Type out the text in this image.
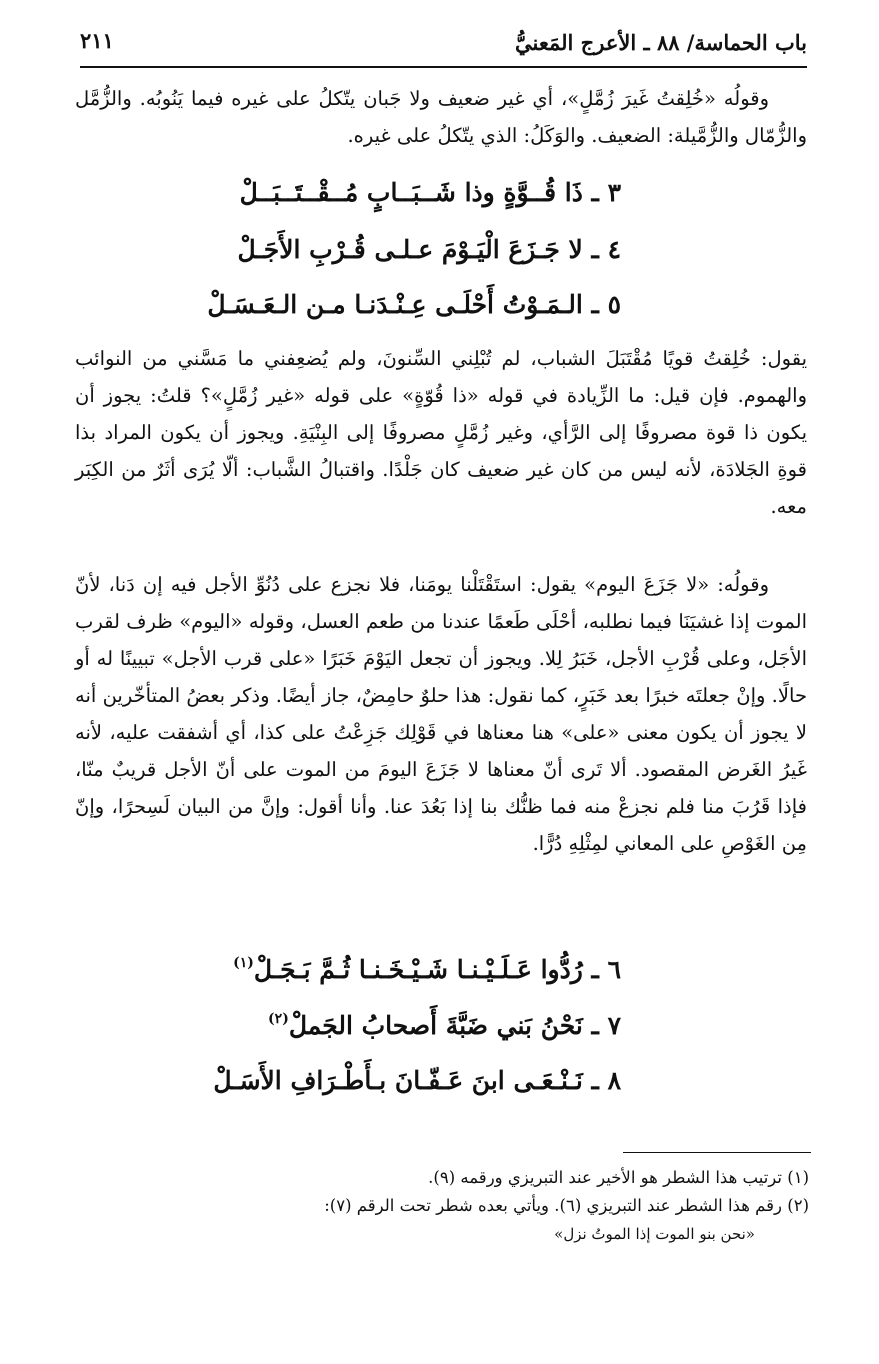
باب الحماسة/ ٨٨ ـ الأعرج المَعنيُّ
٢١١

وقولُه «خُلِقتُ غَيرَ زُمَّلٍ»، أي غير ضعيف ولا جَبان يتّكلُ على غيره فيما يَنُوبُه. والزُّمَّل والزُّمّال والزُّمَّيلة: الضعيف. والوَكَلُ: الذي يتّكلُ على غيره.

٣ ـ ذَا قُــوَّةٍ وذا شَــبَــابٍ مُــقْــتَــبَــلْ
٤ ـ لا جَـزَعَ الْيَـوْمَ عـلـى قُـرْبِ الأَجَـلْ
٥ ـ الـمَـوْتُ أَحْلَـى عِـنْـدَنـا مـن الـعَـسَـلْ

يقول: خُلِقتُ قويًا مُقْتَبَلَ الشباب، لم تُبْلِني السِّنونَ، ولم يُضعِفني ما مَسَّني من النوائب والهموم. فإن قيل: ما الزِّيادة في قوله «ذا قُوّةٍ» على قوله «غير زُمَّلٍ»؟ قلتُ: يجوز أن يكون ذا قوة مصروفًا إلى الرَّأي، وغير زُمَّلٍ مصروفًا إلى البِنْيَةِ. ويجوز أن يكون المراد بذا قوةِ الجَلادَة، لأنه ليس من كان غير ضعيف كان جَلْدًا. واقتبالُ الشَّباب: ألّا يُرَى أثَرٌ من الكِبَر معه.

وقولُه: «لا جَزَعَ اليوم» يقول: استَقْتَلْنا يومَنا، فلا نجزع على دُنُوِّ الأجل فيه إن دَنا، لأنّ الموت إذا غشيَنَا فيما نطلبه، أحْلَى طَعمًا عندنا من طعم العسل، وقوله «اليوم» ظرف لقرب الأجَل، وعلى قُرْبِ الأجل، خَبَرُ لِلا. ويجوز أن تجعل اليَوْمَ خَبَرًا «على قرب الأجل» تبيينًا له أو حالًا. وإنْ جعلتَه خبرًا بعد خَبَرٍ، كما نقول: هذا حلوٌ حامِضٌ، جاز أيضًا. وذكر بعضُ المتأخّرين أنه لا يجوز أن يكون معنى «على» هنا معناها في قَوْلِك جَزِعْتُ على كذا، أي أشفقت عليه، لأنه غَيرُ الغَرض المقصود. ألا تَرى أنّ معناها لا جَزَعَ اليومَ من الموت على أنّ الأجل قريبٌ منّا، فإذا قَرُبَ منا فلم نجزعْ منه فما ظنُّك بنا إذا بَعُدَ عنا. وأنا أقول: وإنَّ من البيان لَسِحرًا، وإنّ مِن الغَوْصِ على المعاني لمِثْلِهِ دُرًّا.

٦ ـ رُدُّوا عَـلَـيْـنـا شَـيْـخَـنـا ثُـمَّ بَـجَـلْ$^{(١)}$
٧ ـ نَحْنُ بَني ضَبَّةَ أَصحابُ الجَملْ$^{(٢)}$
٨ ـ نَـنْـعَـى ابنَ عَـفّـانَ بـأَطْـرَافِ الأَسَـلْ

(١) ترتيب هذا الشطر هو الأخير عند التبريزي ورقمه (٩).

(٢) رقم هذا الشطر عند التبريزي (٦). ويأتي بعده شطر تحت الرقم (٧):

«نحن بنو الموت إذا الموتُ نزل»
